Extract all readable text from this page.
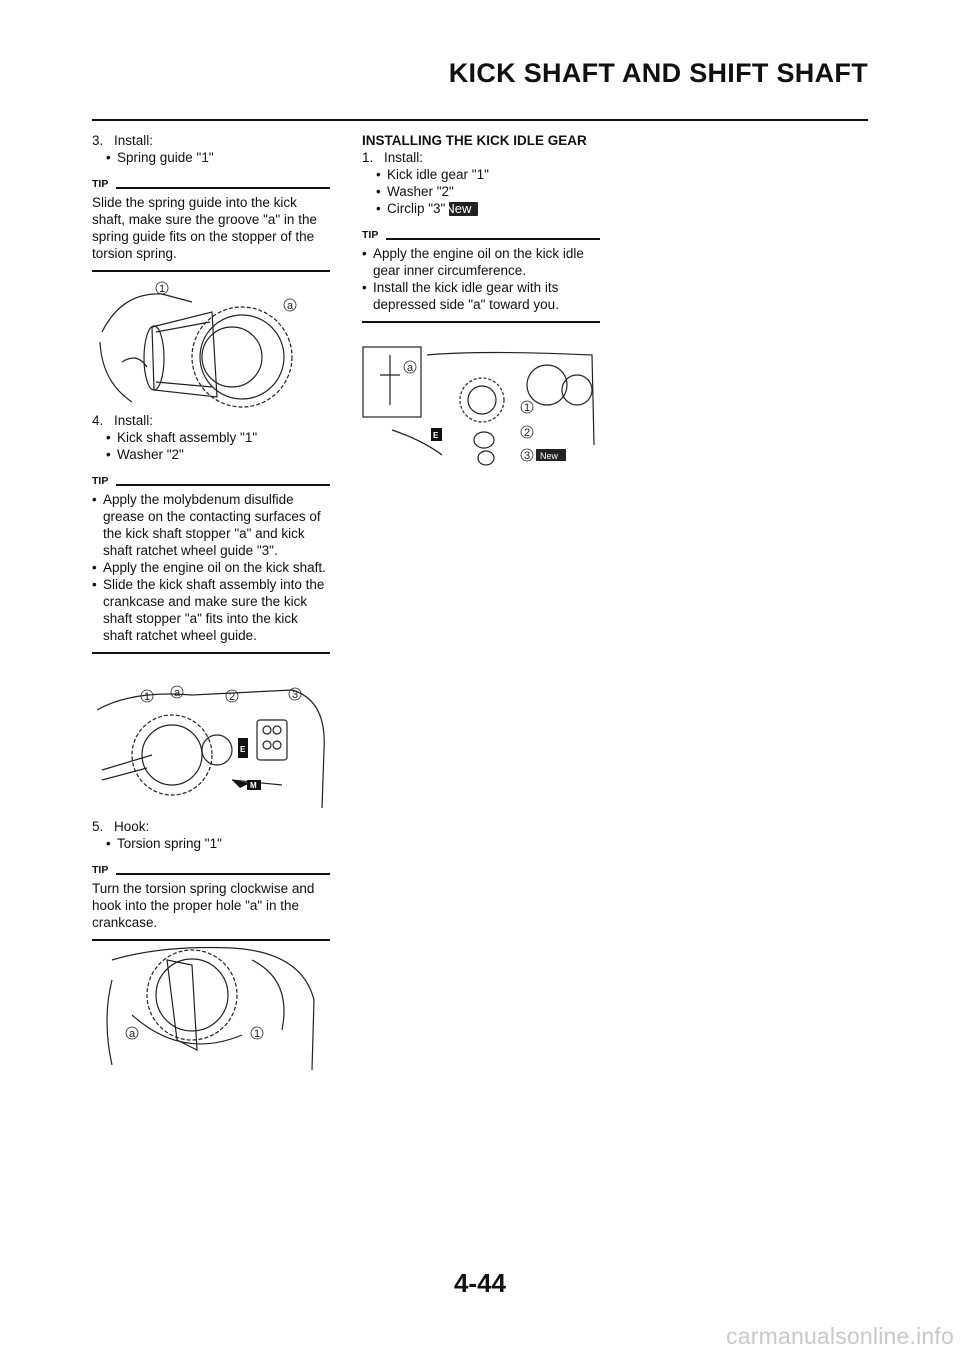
KICK SHAFT AND SHIFT SHAFT

3. Install:

• Spring guide "1"
TIP

Slide the spring guide into the kick shaft, make sure the groove "a" in the spring guide fits on the stopper of the torsion spring.

4. Install:

• Kick shaft assembly "1"
• Washer "2"
TIP

• Apply the molybdenum disulfide grease on the contacting surfaces of the kick shaft stopper "a" and kick shaft ratchet wheel guide "3".

• Apply the engine oil on the kick shaft.

• Slide the kick shaft assembly into the crankcase and make sure the kick shaft stopper "a" fits into the kick shaft ratchet wheel guide.

5. Hook:

• Torsion spring "1"
TIP

Turn the torsion spring clockwise and hook into the proper hole "a" in the crankcase.

INSTALLING THE KICK IDLE GEAR

1. Install:

• Kick idle gear "1"
• Washer "2"
• Circlip "3"New
TIP

• Apply the engine oil on the kick idle gear inner circumference.

• Install the kick idle gear with its depressed side "a" toward you.

1
a
1 a	2	3
E
M
a	1
a
1
2
3
E
New
4-44
carmanualsonline.info
